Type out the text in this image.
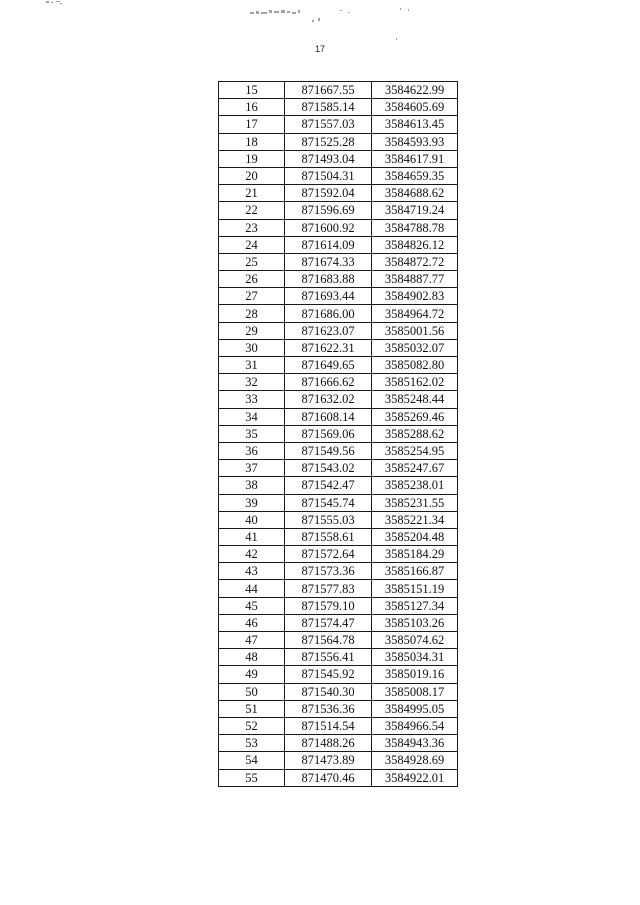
17
15	871667.55	3584622.99
16	871585.14	3584605.69
17	871557.03	3584613.45
18	871525.28	3584593.93
19	871493.04	3584617.91
20	871504.31	3584659.35
21	871592.04	3584688.62
22	871596.69	3584719.24
23	871600.92	3584788.78
24	871614.09	3584826.12
25	871674.33	3584872.72
26	871683.88	3584887.77
27	871693.44	3584902.83
28	871686.00	3584964.72
29	871623.07	3585001.56
30	871622.31	3585032.07
31	871649.65	3585082.80
32	871666.62	3585162.02
33	871632.02	3585248.44
34	871608.14	3585269.46
35	871569.06	3585288.62
36	871549.56	3585254.95
37	871543.02	3585247.67
38	871542.47	3585238.01
39	871545.74	3585231.55
40	871555.03	3585221.34
41	871558.61	3585204.48
42	871572.64	3585184.29
43	871573.36	3585166.87
44	871577.83	3585151.19
45	871579.10	3585127.34
46	871574.47	3585103.26
47	871564.78	3585074.62
48	871556.41	3585034.31
49	871545.92	3585019.16
50	871540.30	3585008.17
51	871536.36	3584995.05
52	871514.54	3584966.54
53	871488.26	3584943.36
54	871473.89	3584928.69
55	871470.46	3584922.01
